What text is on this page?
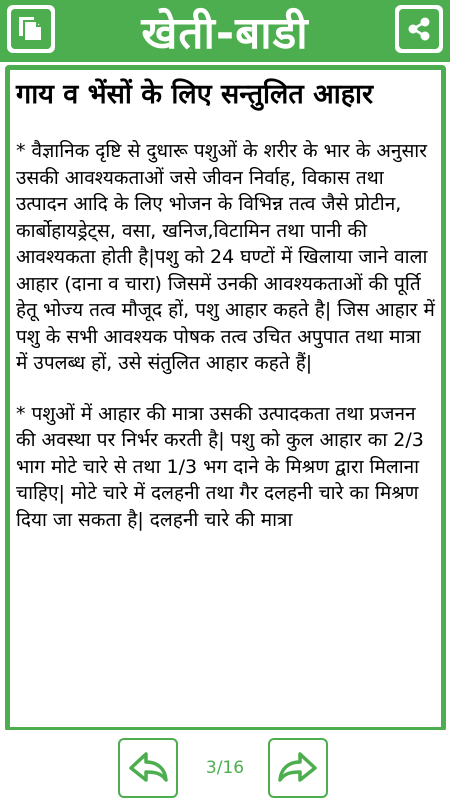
खेती-बाडी
गाय व भेंसों के लिए सन्तुलित आहार
* वैज्ञानिक दृष्टि से दुधारू पशुओं के शरीर के भार के अनुसार उसकी आवश्यकताओं जसे जीवन निर्वाह, विकास तथा उत्पादन आदि के लिए भोजन के विभिन्न तत्व जैसे प्रोटीन, कार्बोहायड्रेट्स, वसा, खनिज,विटामिन तथा पानी की आवश्यकता होती है|पशु को 24 घण्टों में खिलाया जाने वाला आहार (दाना व चारा) जिसमें उनकी आवश्यकताओं की पूर्ति हेतू भोज्य तत्व मौजूद हों, पशु आहार कहते है| जिस आहार में पशु के सभी आवश्यक पोषक तत्व उचित अपुपात तथा मात्रा में उपलब्ध हों, उसे संतुलित आहार कहते हैं|
* पशुओं में आहार की मात्रा उसकी उत्पादकता तथा प्रजनन की अवस्था पर निर्भर करती है| पशु को कुल आहार का 2/3 भाग मोटे चारे से तथा 1/3 भग दाने के मिश्रण द्वारा मिलाना चाहिए| मोटे चारे में दलहनी तथा गैर दलहनी चारे का मिश्रण दिया जा सकता है| दलहनी चारे की मात्रा
3/16
